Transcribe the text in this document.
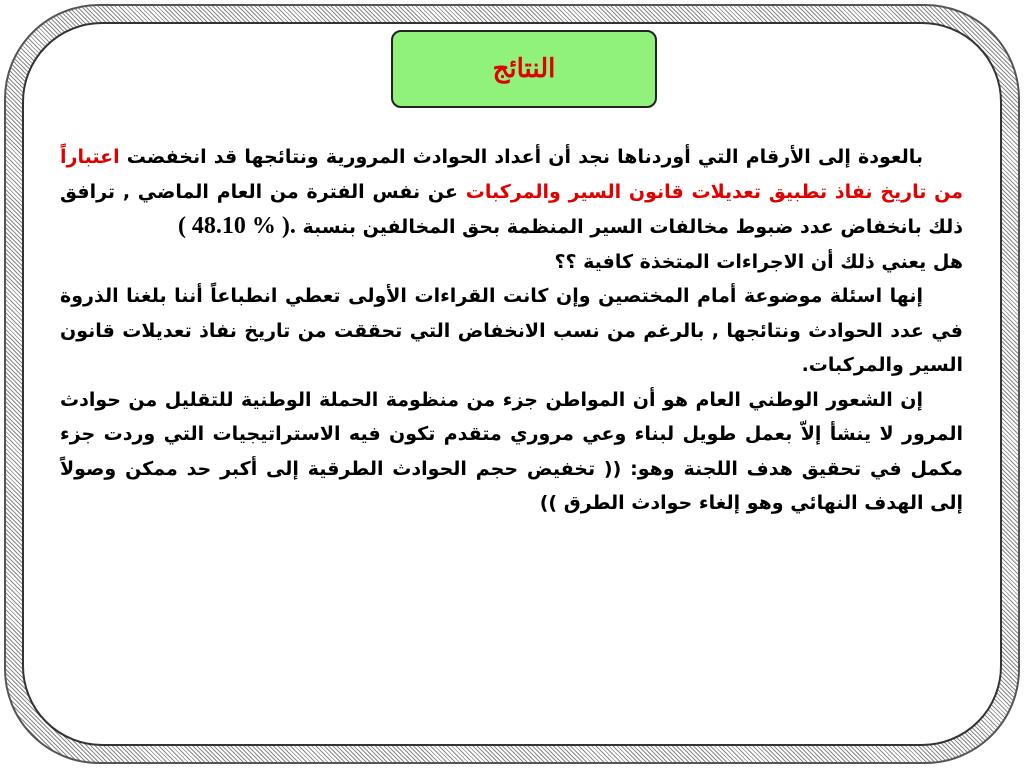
النتائج

بالعودة إلى الأرقام التي أوردناها نجد أن أعداد الحوادث المرورية ونتائجها قد انخفضت اعتباراً من تاريخ نفاذ تطبيق تعديلات قانون السير والمركبات عن نفس الفترة من العام الماضي , ترافق ذلك بانخفاض عدد ضبوط مخالفات السير المنظمة بحق المخالفين بنسبة ( 48.10 % ).

هل يعني ذلك أن الاجراءات المتخذة كافية ؟؟

إنها اسئلة موضوعة أمام المختصين وإن كانت القراءات الأولى تعطي انطباعاً أننا بلغنا الذروة في عدد الحوادث ونتائجها , بالرغم من نسب الانخفاض التي تحققت من تاريخ نفاذ تعديلات قانون السير والمركبات.

إن الشعور الوطني العام هو أن المواطن جزء من منظومة الحملة الوطنية للتقليل من حوادث المرور لا ينشأ إلاّ بعمل طويل لبناء وعي مروري متقدم تكون فيه الاستراتيجيات التي وردت جزء مكمل في تحقيق هدف اللجنة وهو: (( تخفيض حجم الحوادث الطرقية إلى أكبر حد ممكن وصولاً إلى الهدف النهائي وهو إلغاء حوادث الطرق ))
